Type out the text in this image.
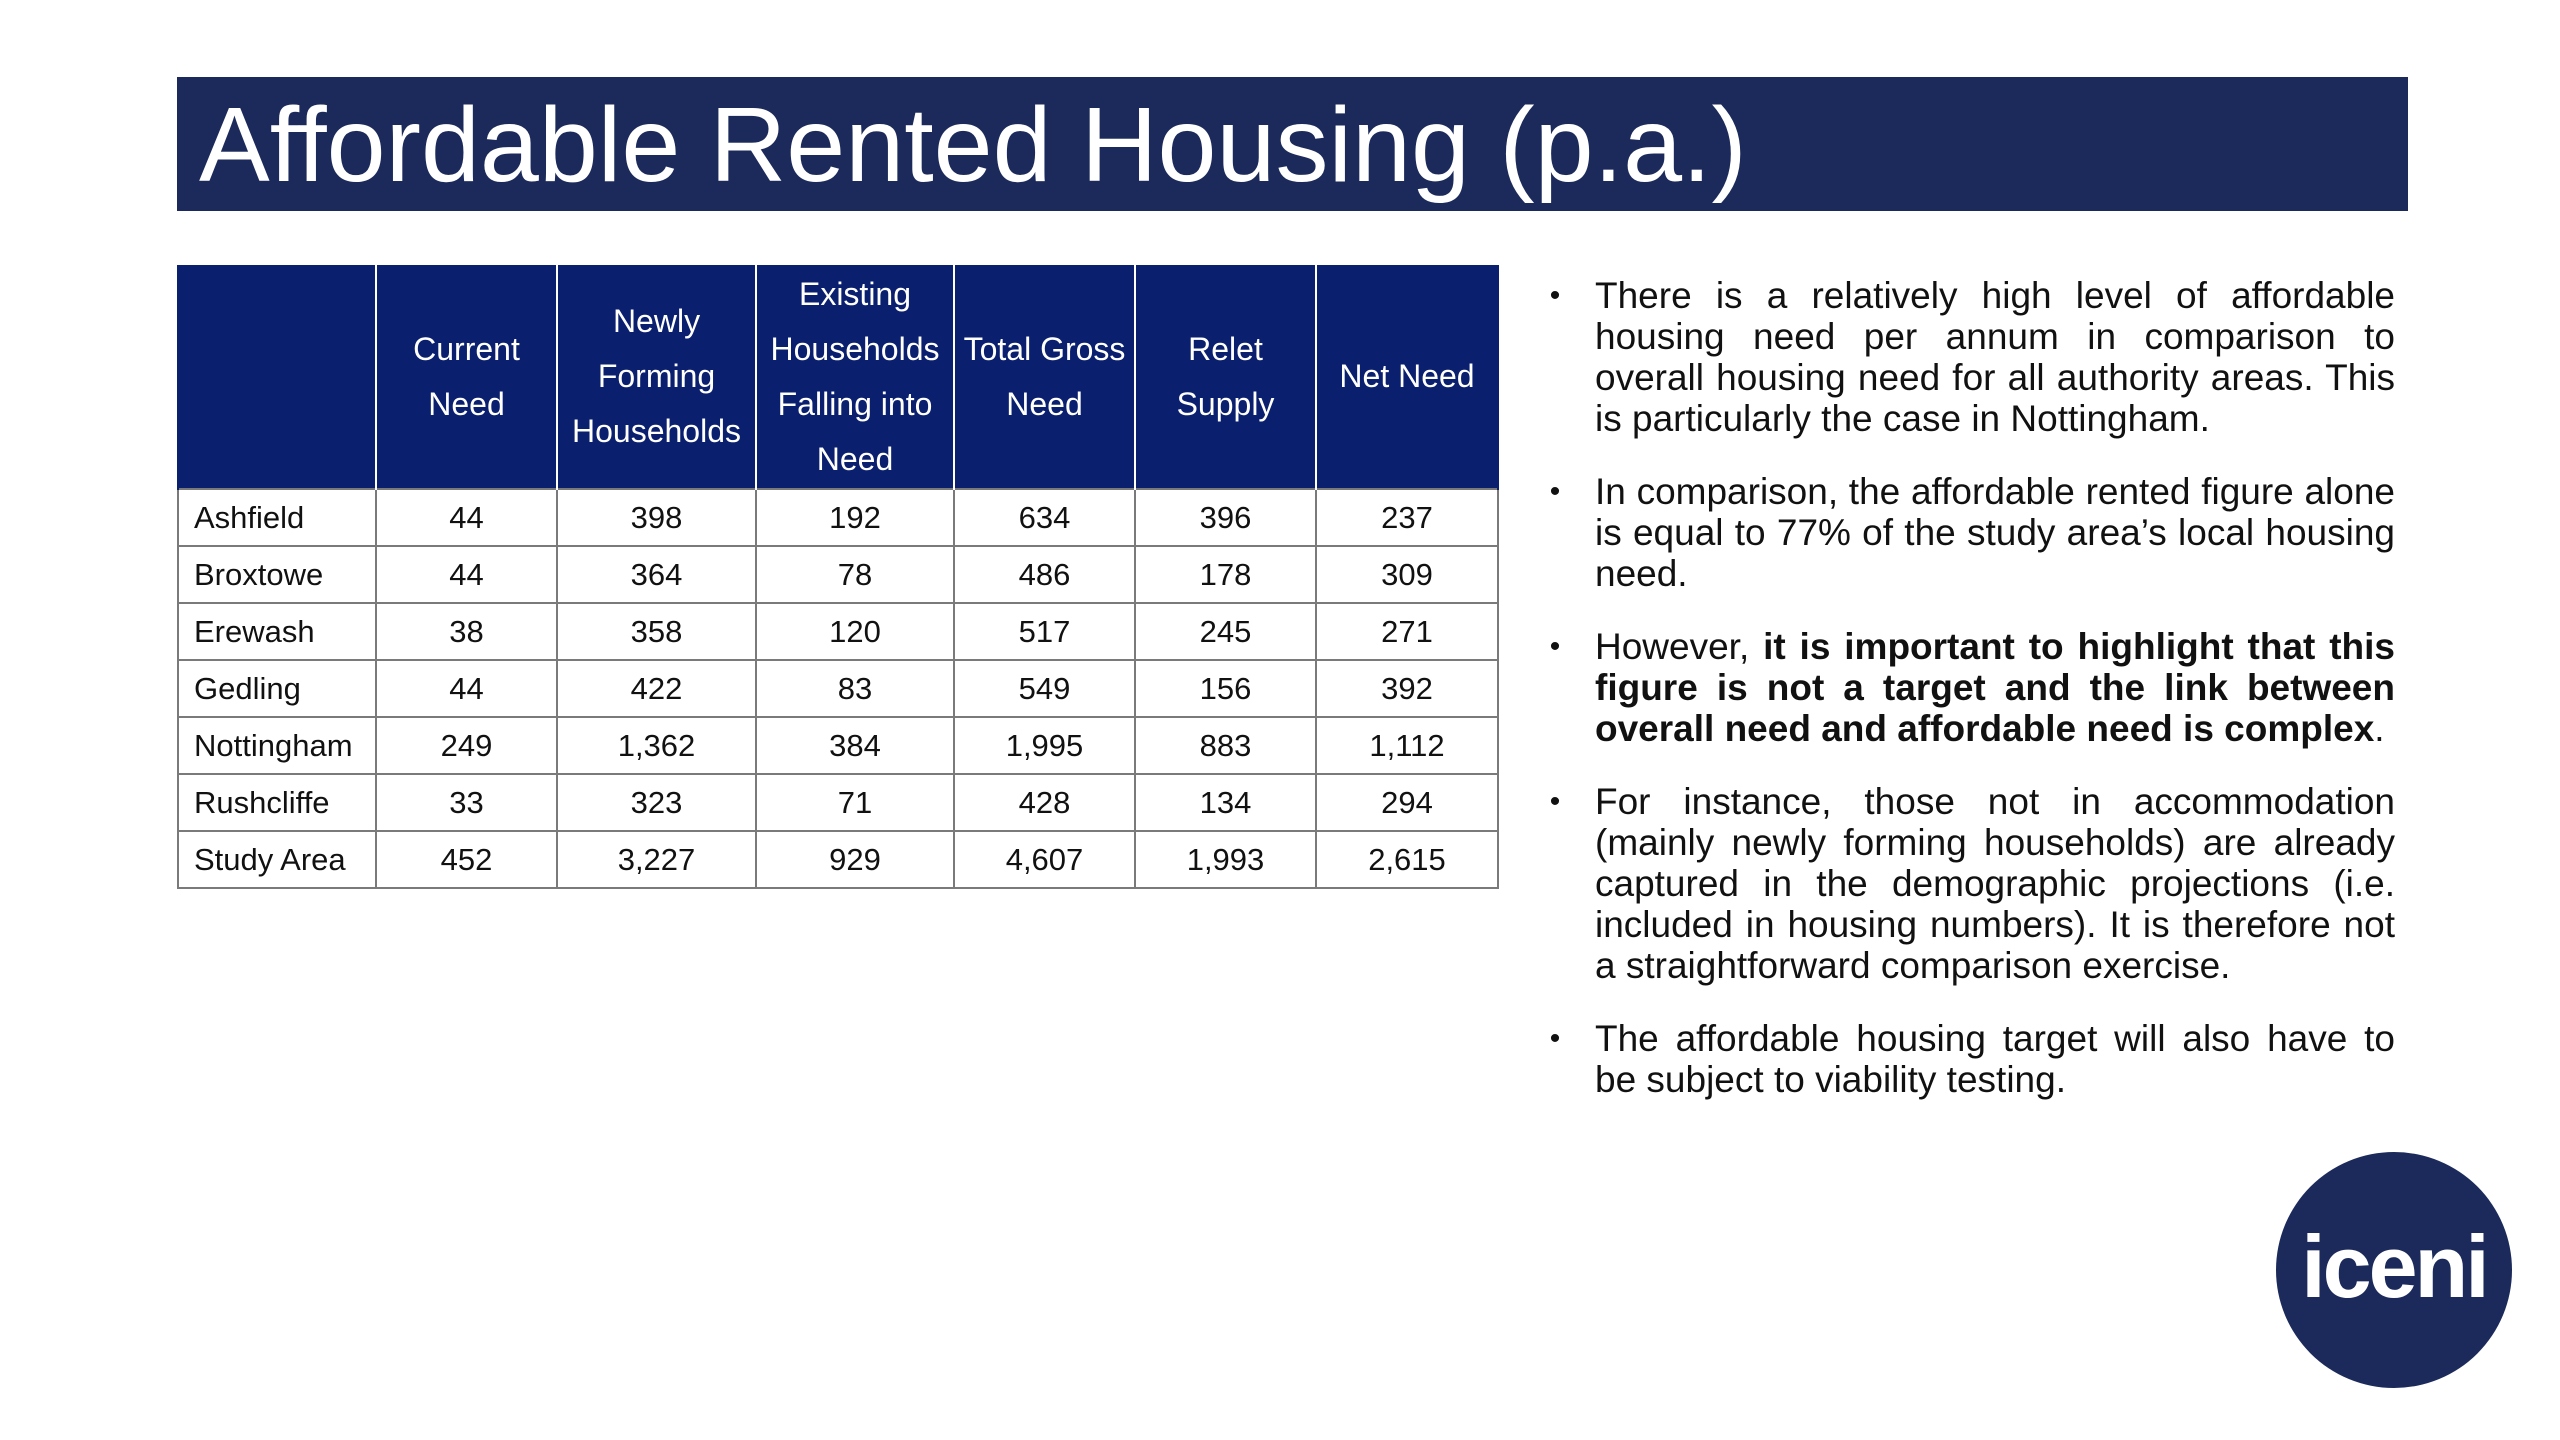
Affordable Rented Housing (p.a.)
	Current Need	Newly Forming Households	Existing Households Falling into Need	Total Gross Need	Relet Supply	Net Need
Ashfield	44	398	192	634	396	237
Broxtowe	44	364	78	486	178	309
Erewash	38	358	120	517	245	271
Gedling	44	422	83	549	156	392
Nottingham	249	1,362	384	1,995	883	1,112
Rushcliffe	33	323	71	428	134	294
Study Area	452	3,227	929	4,607	1,993	2,615
• There is a relatively high level of affordable housing need per annum in comparison to overall housing need for all authority areas. This is particularly the case in Nottingham.
• In comparison, the affordable rented figure alone is equal to 77% of the study area’s local housing need.
• However, it is important to highlight that this figure is not a target and the link between overall need and affordable need is complex.
• For instance, those not in accommodation (mainly newly forming households) are already captured in the demographic projections (i.e. included in housing numbers). It is therefore not a straightforward comparison exercise.
• The affordable housing target will also have to be subject to viability testing.
iceni
